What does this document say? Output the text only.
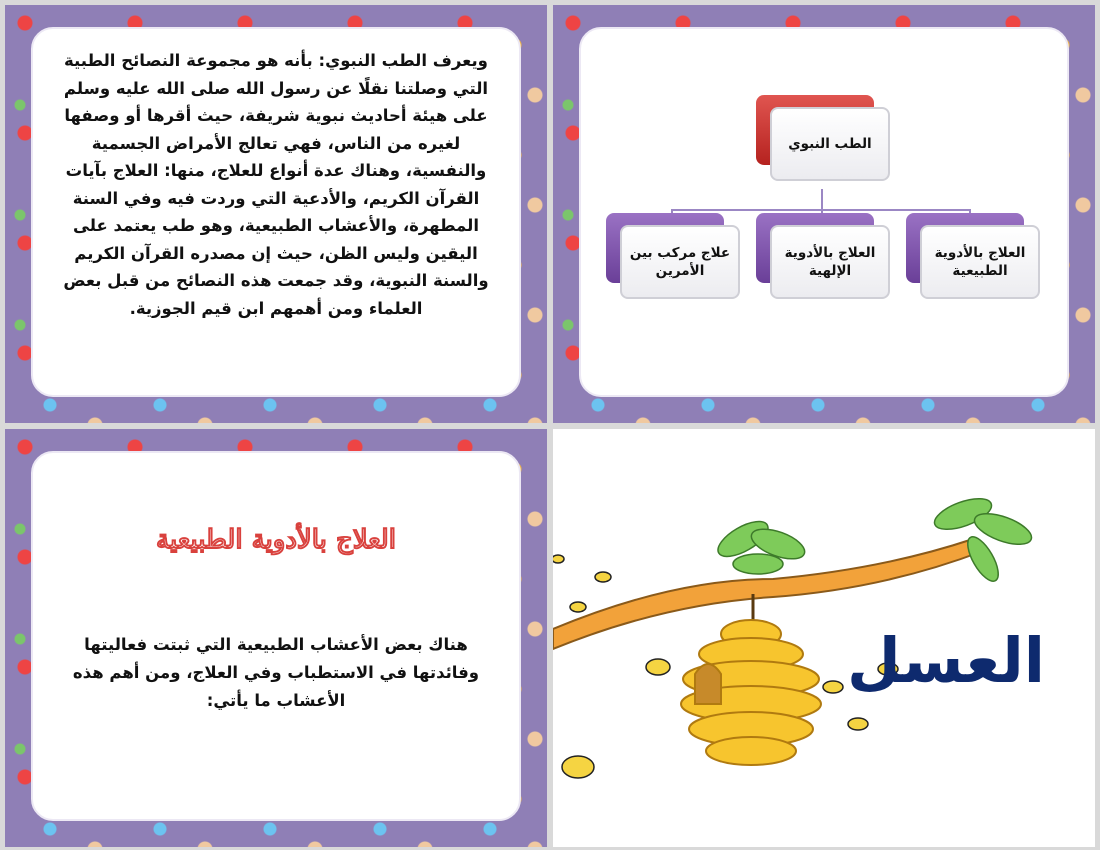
ويعرف الطب النبوي: بأنه هو مجموعة النصائح الطبية التي وصلتنا نقلًا عن رسول الله صلى الله عليه وسلم على هيئة أحاديث نبوية شريفة، حيث أقرها أو وصفها لغيره من الناس، فهي تعالج الأمراض الجسمية والنفسية، وهناك عدة أنواع للعلاج، منها: العلاج بآيات القرآن الكريم، والأدعية التي وردت فيه وفي السنة المطهرة، والأعشاب الطبيعية، وهو طب يعتمد على اليقين وليس الظن، حيث إن مصدره القرآن الكريم والسنة النبوية، وقد جمعت هذه النصائح من قبل بعض العلماء ومن أهمهم ابن قيم الجوزية.
الطب النبوي
العلاج بالأدوية الطبيعية
العلاج بالأدوية الإلهية
علاج مركب بين الأمرين
العلاج بالأدوية الطبيعية
هناك بعض الأعشاب الطبيعية التي ثبتت فعاليتها وفائدتها في الاستطباب وفي العلاج، ومن أهم هذه الأعشاب ما يأتي:
العسل
